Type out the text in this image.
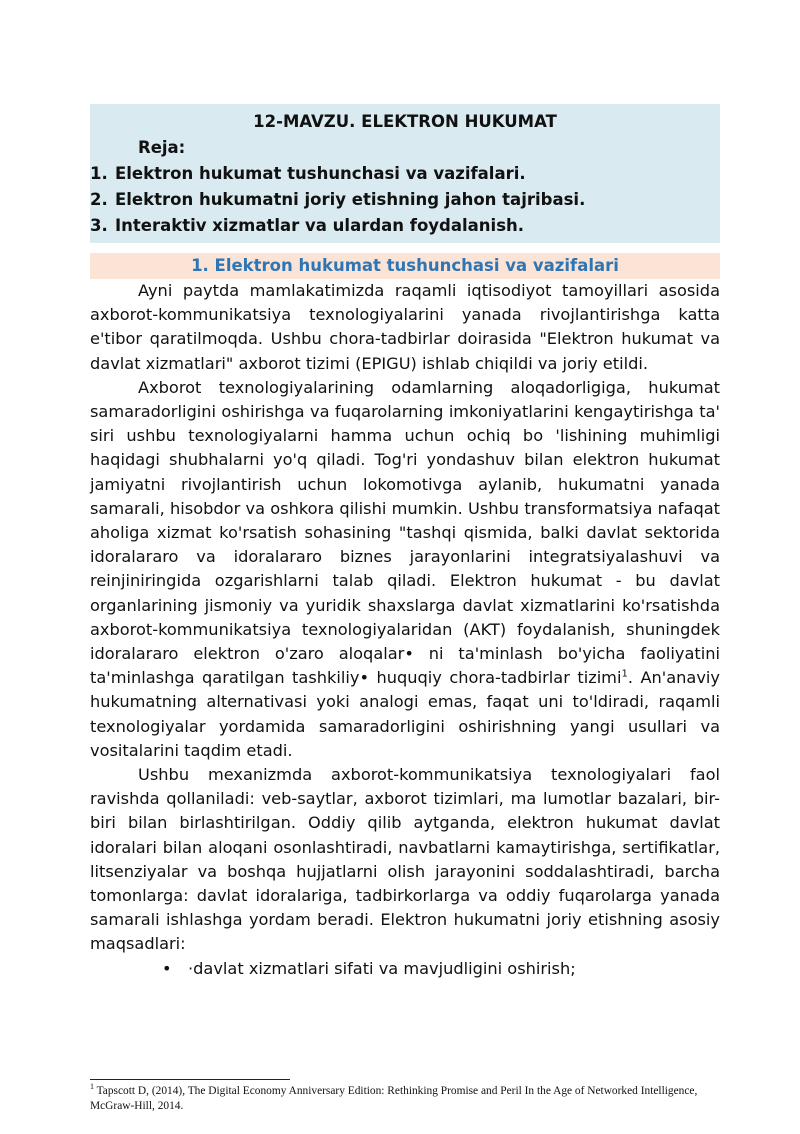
12-MAVZU. ELEKTRON HUKUMAT
Reja:
1. Elektron hukumat tushunchasi va vazifalari.
2. Elektron hukumatni joriy etishning jahon tajribasi.
3. Interaktiv xizmatlar va ulardan foydalanish.
1. Elektron hukumat tushunchasi va vazifalari

Ayni paytda mamlakatimizda raqamli iqtisodiyot tamoyillari asosida axborot-kommunikatsiya texnologiyalarini yanada rivojlantirishga katta e'tibor qaratilmoqda. Ushbu chora-tadbirlar doirasida "Elektron hukumat va davlat xizmatlari" axborot tizimi (EPIGU) ishlab chiqildi va joriy etildi.

Axborot texnologiyalarining odamlarning aloqadorligiga, hukumat samaradorligini oshirishga va fuqarolarning imkoniyatlarini kengaytirishga ta' siri ushbu texnologiyalarni hamma uchun ochiq bo 'lishining muhimligi haqidagi shubhalarni yo'q qiladi. Tog'ri yondashuv bilan elektron hukumat jamiyatni rivojlantirish uchun lokomotivga aylanib, hukumatni yanada samarali, hisobdor va oshkora qilishi mumkin. Ushbu transformatsiya nafaqat aholiga xizmat ko'rsatish sohasining "tashqi qismida, balki davlat sektorida idoralararo va idoralararo biznes jarayonlarini integratsiyalashuvi va reinjiniringida ozgarishlarni talab qiladi. Elektron hukumat - bu davlat organlarining jismoniy va yuridik shaxslarga davlat xizmatlarini ko'rsatishda axborot-kommunikatsiya texnologiyalaridan (AKT) foydalanish, shuningdek idoralararo elektron o'zaro aloqalar• ni ta'minlash bo'yicha faoliyatini ta'minlashga qaratilgan tashkiliy• huquqiy chora-tadbirlar tizimi$^1$. An'anaviy hukumatning alternativasi yoki analogi emas, faqat uni to'ldiradi, raqamli texnologiyalar yordamida samaradorligini oshirishning yangi usullari va vositalarini taqdim etadi.

Ushbu mexanizmda axborot-kommunikatsiya texnologiyalari faol ravishda qollaniladi: veb-saytlar, axborot tizimlari, ma lumotlar bazalari, bir-biri bilan birlashtirilgan. Oddiy qilib aytganda, elektron hukumat davlat idoralari bilan aloqani osonlashtiradi, navbatlarni kamaytirishga, sertifikatlar, litsenziyalar va boshqa hujjatlarni olish jarayonini soddalashtiradi, barcha tomonlarga: davlat idoralariga, tadbirkorlarga va oddiy fuqarolarga yanada samarali ishlashga yordam beradi. Elektron hukumatni joriy etishning asosiy maqsadlari:

•	·davlat xizmatlari sifati va mavjudligini oshirish;
$^1$ Tapscott D, (2014), The Digital Economy Anniversary Edition: Rethinking Promise and Peril In the Age of Networked Intelligence, McGraw-Hill, 2014.
